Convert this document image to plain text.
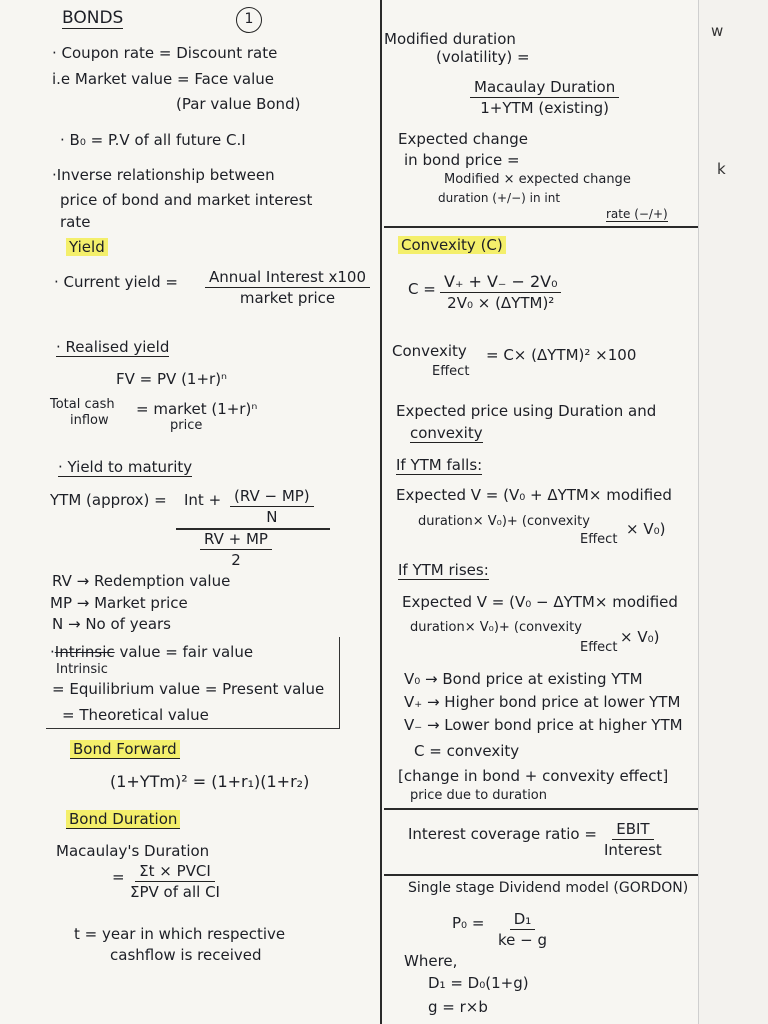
BONDS	1
· Coupon rate = Discount rate
i.e Market value = Face value
(Par value Bond)
· B₀ = P.V of all future C.I
·Inverse relationship between
price of bond and market interest
rate
Yield
· Current yield = Annual Interest x100
market price
· Realised yield
FV = PV (1+r)ⁿ
Total cash
inflow
= market (1+r)ⁿ
price
· Yield to maturity
YTM (approx) = Int + $\frac{(RV - MP)}{N}$
$\frac{RV + MP}{2}$
RV → Redemption value
MP → Market price
N → No of years
·Intrinsic value = fair value
Intrinsic
= Equilibrium value = Present value
= Theoretical value
Bond Forward
(1+YTm)² = (1+r₁)(1+r₂)
Bond Duration
Macaulay's Duration
= Σt × PVCI
ΣPV of all CI
t = year in which respective
cashflow is received
Modified duration
(volatility) =
Macaulay Duration
1+YTM (existing)
Expected change
in bond price =
Modified × expected change
duration (+/−) in int
rate (−/+)
Convexity (C)
C = V₊ + V₋ − 2V₀
2V₀ × (ΔYTM)²
Convexity
Effect
= C× (ΔYTM)² ×100
Expected price using Duration and
convexity
If YTM falls:
Expected V = (V₀ + ΔYTM× modified
duration× V₀)+ (convexity
Effect
× V₀)
If YTM rises:
Expected V = (V₀ − ΔYTM× modified
duration× V₀)+ (convexity
Effect
× V₀)
V₀ → Bond price at existing YTM
V₊ → Higher bond price at lower YTM
V₋ → Lower bond price at higher YTM
C = convexity
[change in bond + convexity effect]
price due to duration
Interest coverage ratio = EBIT
Interest
Single stage Dividend model (GORDON)
$P_0 = \frac{\text{D₁}}{ke - g}$
Where,
D₁ = D₀(1+g)
g = r×b
w
k
